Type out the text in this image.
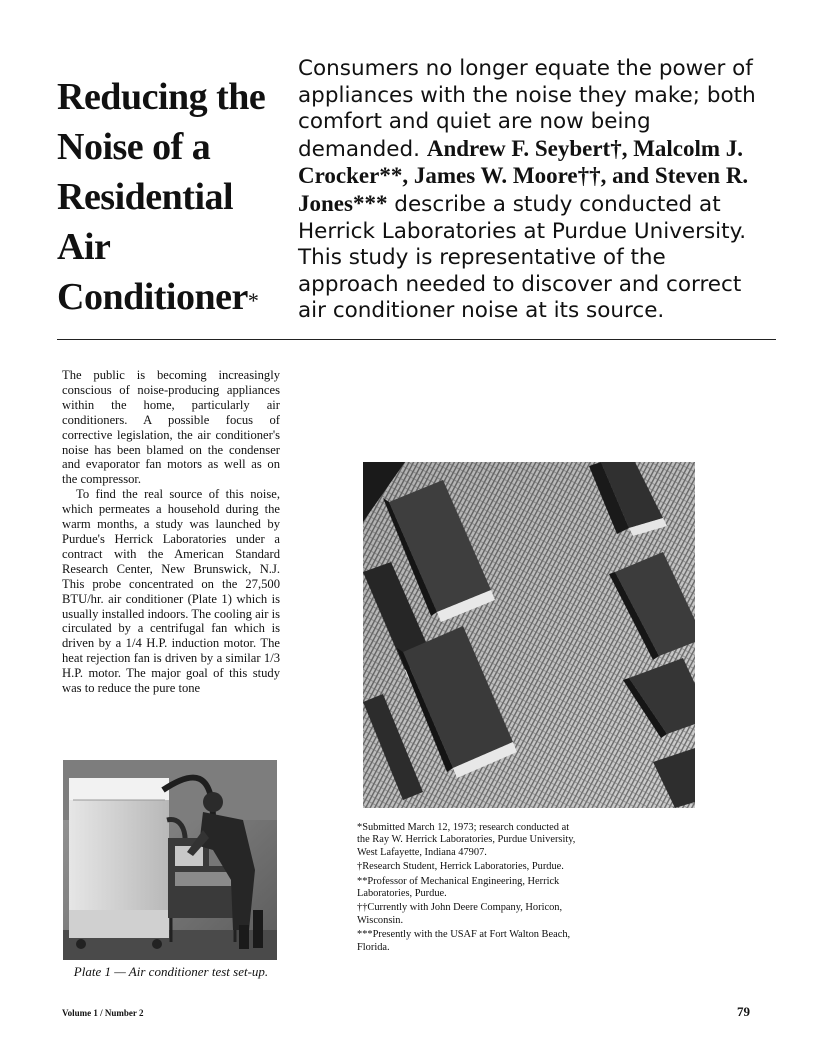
Reducing the Noise of a Residential Air Conditioner*

Consumers no longer equate the power of appliances with the noise they make; both comfort and quiet are now being demanded. Andrew F. Seybert†, Malcolm J. Crocker**, James W. Moore††, and Steven R. Jones*** describe a study conducted at Herrick Laboratories at Purdue University. This study is representative of the approach needed to discover and correct air conditioner noise at its source.

The public is becoming increasingly conscious of noise-producing appliances within the home, particularly air conditioners. A possible focus of corrective legislation, the air conditioner's noise has been blamed on the condenser and evaporator fan motors as well as on the compressor.

To find the real source of this noise, which permeates a household during the warm months, a study was launched by Purdue's Herrick Laboratories under a contract with the American Standard Research Center, New Brunswick, N.J. This probe concentrated on the 27,500 BTU/hr. air conditioner (Plate 1) which is usually installed indoors. The cooling air is circulated by a centrifugal fan which is driven by a 1/4 H.P. induction motor. The heat rejection fan is driven by a similar 1/3 H.P. motor. The major goal of this study was to reduce the pure tone

Plate 1 — Air conditioner test set-up.

*Submitted March 12, 1973; research conducted at the Ray W. Herrick Laboratories, Purdue University, West Lafayette, Indiana 47907.

†Research Student, Herrick Laboratories, Purdue.

**Professor of Mechanical Engineering, Herrick Laboratories, Purdue.

††Currently with John Deere Company, Horicon, Wisconsin.

***Presently with the USAF at Fort Walton Beach, Florida.

Volume 1 / Number 2	79
